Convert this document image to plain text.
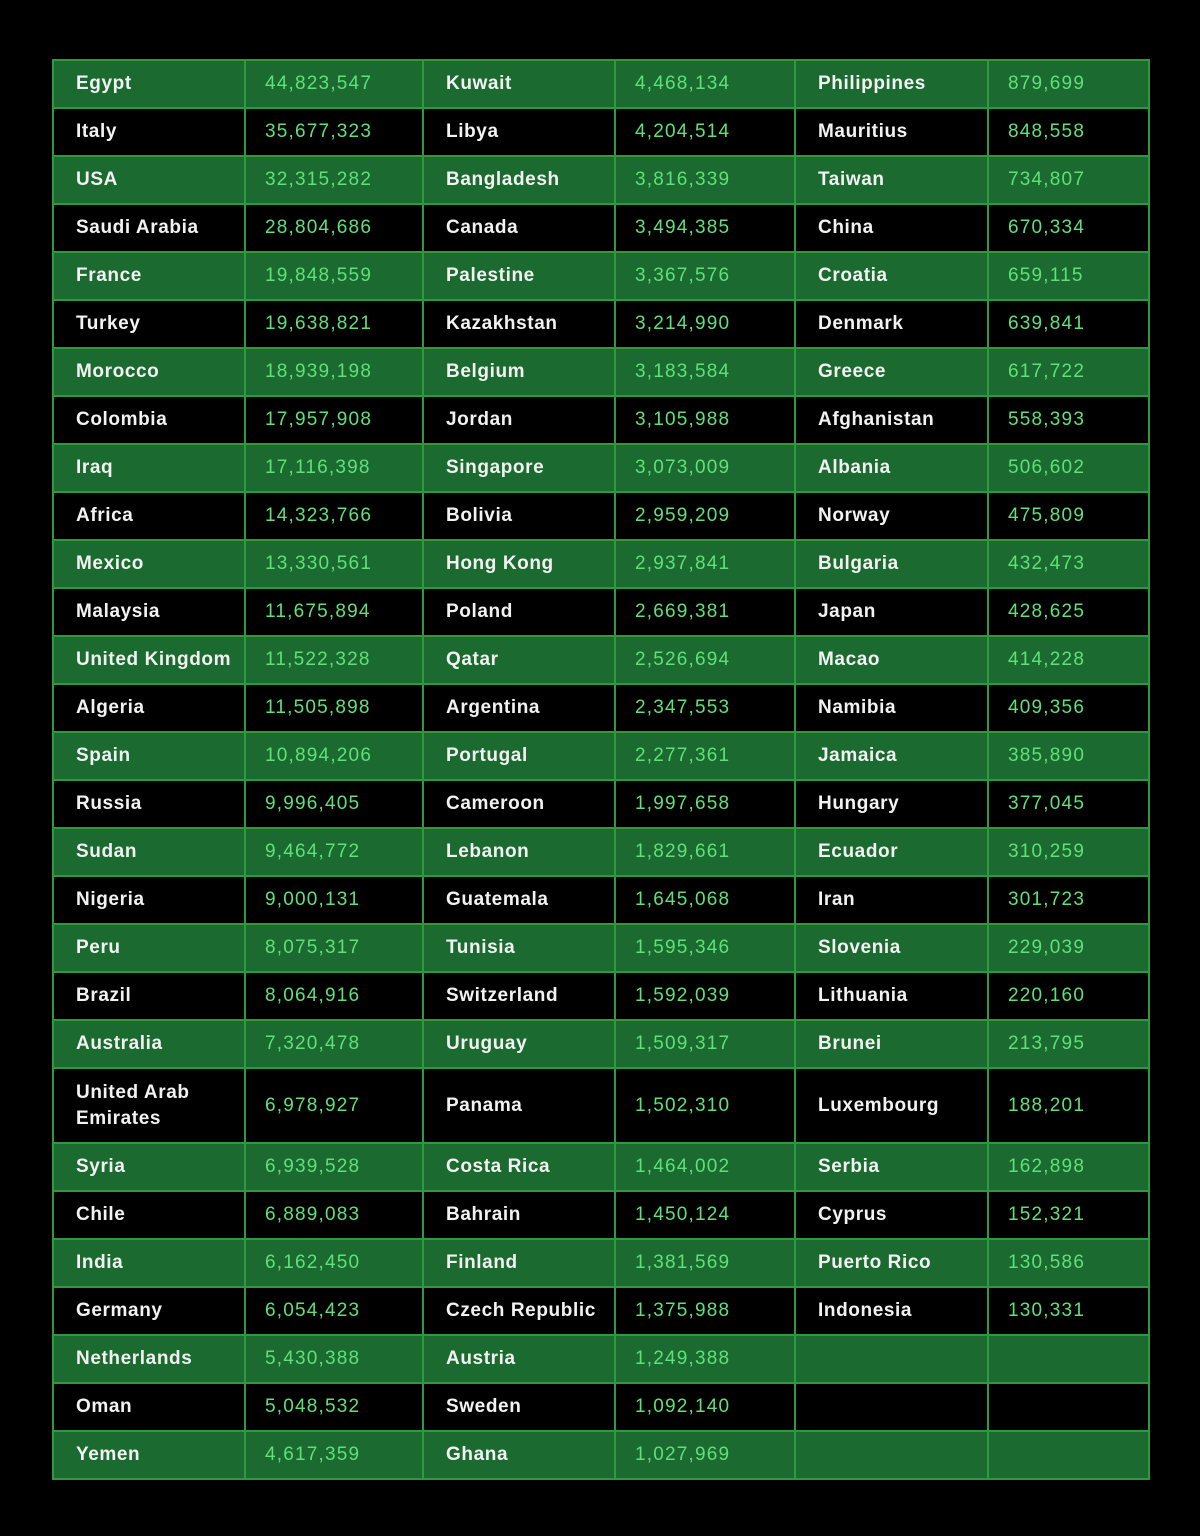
Egypt	44,823,547	Kuwait	4,468,134	Philippines	879,699
Italy	35,677,323	Libya	4,204,514	Mauritius	848,558
USA	32,315,282	Bangladesh	3,816,339	Taiwan	734,807
Saudi Arabia	28,804,686	Canada	3,494,385	China	670,334
France	19,848,559	Palestine	3,367,576	Croatia	659,115
Turkey	19,638,821	Kazakhstan	3,214,990	Denmark	639,841
Morocco	18,939,198	Belgium	3,183,584	Greece	617,722
Colombia	17,957,908	Jordan	3,105,988	Afghanistan	558,393
Iraq	17,116,398	Singapore	3,073,009	Albania	506,602
Africa	14,323,766	Bolivia	2,959,209	Norway	475,809
Mexico	13,330,561	Hong Kong	2,937,841	Bulgaria	432,473
Malaysia	11,675,894	Poland	2,669,381	Japan	428,625
United Kingdom	11,522,328	Qatar	2,526,694	Macao	414,228
Algeria	11,505,898	Argentina	2,347,553	Namibia	409,356
Spain	10,894,206	Portugal	2,277,361	Jamaica	385,890
Russia	9,996,405	Cameroon	1,997,658	Hungary	377,045
Sudan	9,464,772	Lebanon	1,829,661	Ecuador	310,259
Nigeria	9,000,131	Guatemala	1,645,068	Iran	301,723
Peru	8,075,317	Tunisia	1,595,346	Slovenia	229,039
Brazil	8,064,916	Switzerland	1,592,039	Lithuania	220,160
Australia	7,320,478	Uruguay	1,509,317	Brunei	213,795
United Arab Emirates	6,978,927	Panama	1,502,310	Luxembourg	188,201
Syria	6,939,528	Costa Rica	1,464,002	Serbia	162,898
Chile	6,889,083	Bahrain	1,450,124	Cyprus	152,321
India	6,162,450	Finland	1,381,569	Puerto Rico	130,586
Germany	6,054,423	Czech Republic	1,375,988	Indonesia	130,331
Netherlands	5,430,388	Austria	1,249,388		
Oman	5,048,532	Sweden	1,092,140		
Yemen	4,617,359	Ghana	1,027,969		
